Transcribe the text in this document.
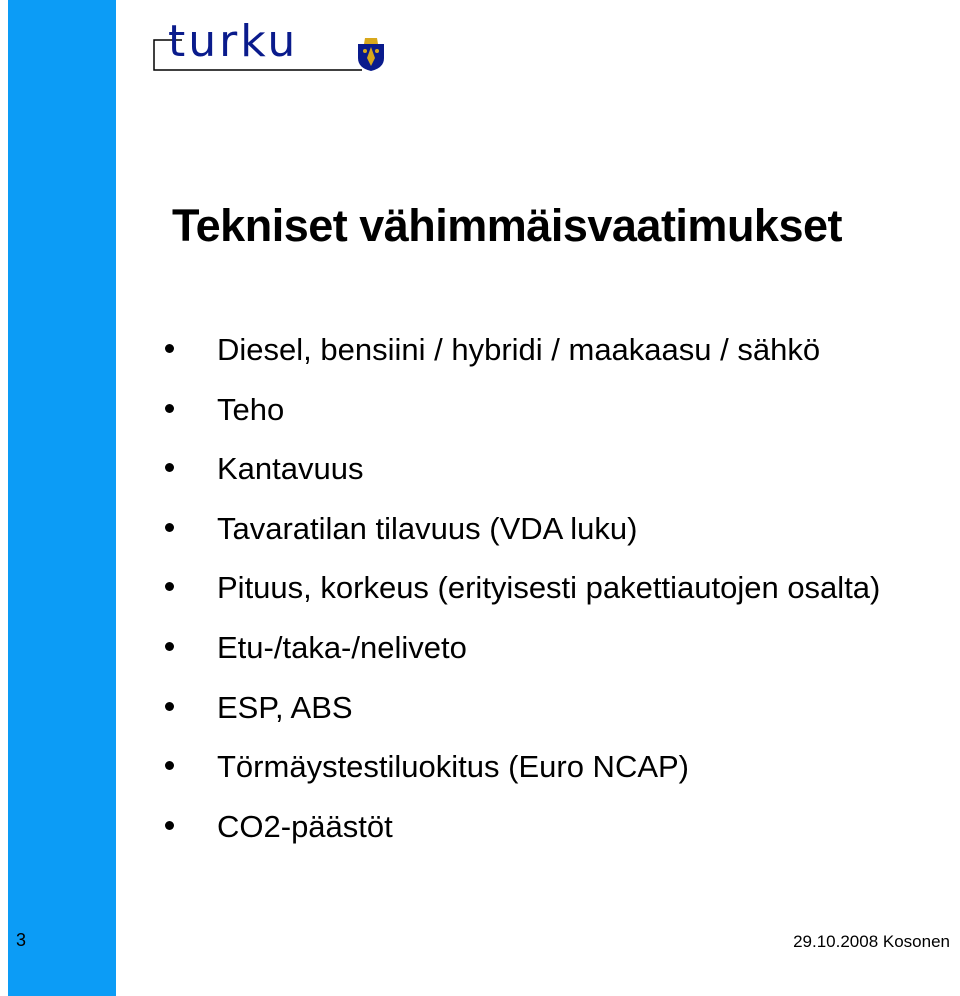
turku
Tekniset vähimmäisvaatimukset
Diesel, bensiini / hybridi / maakaasu / sähkö
Teho
Kantavuus
Tavaratilan tilavuus (VDA luku)
Pituus, korkeus (erityisesti pakettiautojen osalta)
Etu-/taka-/neliveto
ESP, ABS
Törmäystestiluokitus (Euro NCAP)
CO2-päästöt
3	29.10.2008 Kosonen
